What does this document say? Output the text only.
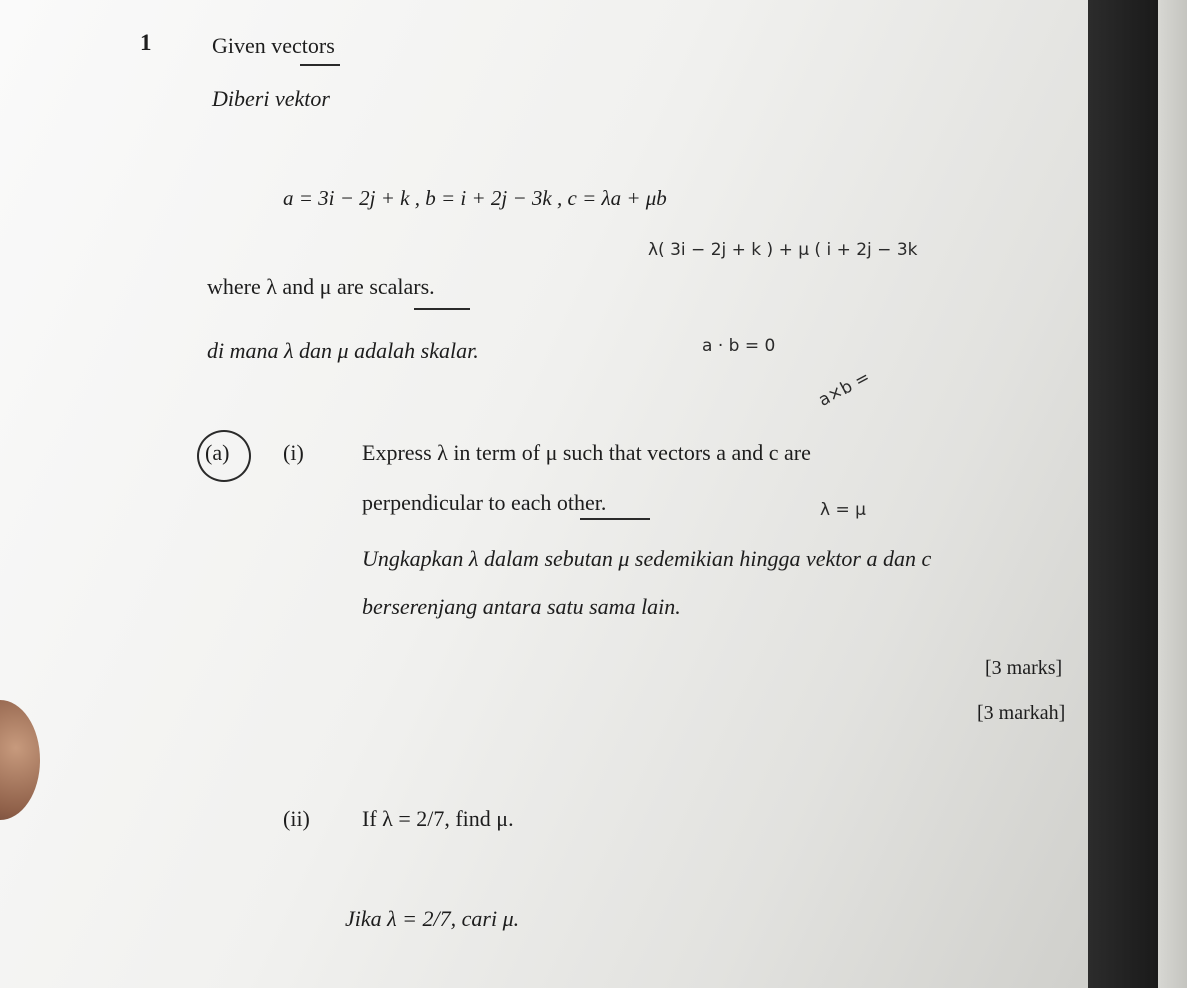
1	Given vectors
Diberi vektor
a = 3i − 2j + k , b = i + 2j − 3k , c = λa + μb
λ( 3i − 2j + k ) + μ ( i + 2j − 3k
where λ and μ are scalars.
di mana λ dan μ adalah skalar.	a · b = 0
a×b =
(a) (i)	Express λ in term of μ such that vectors a and c are
perpendicular to each other.	λ = μ
Ungkapkan λ dalam sebutan μ sedemikian hingga vektor a dan c
berserenjang antara satu sama lain.
[3 marks]
[3 markah]
(ii) If λ = 2/7, find μ.
Jika λ = 2/7, cari μ.
